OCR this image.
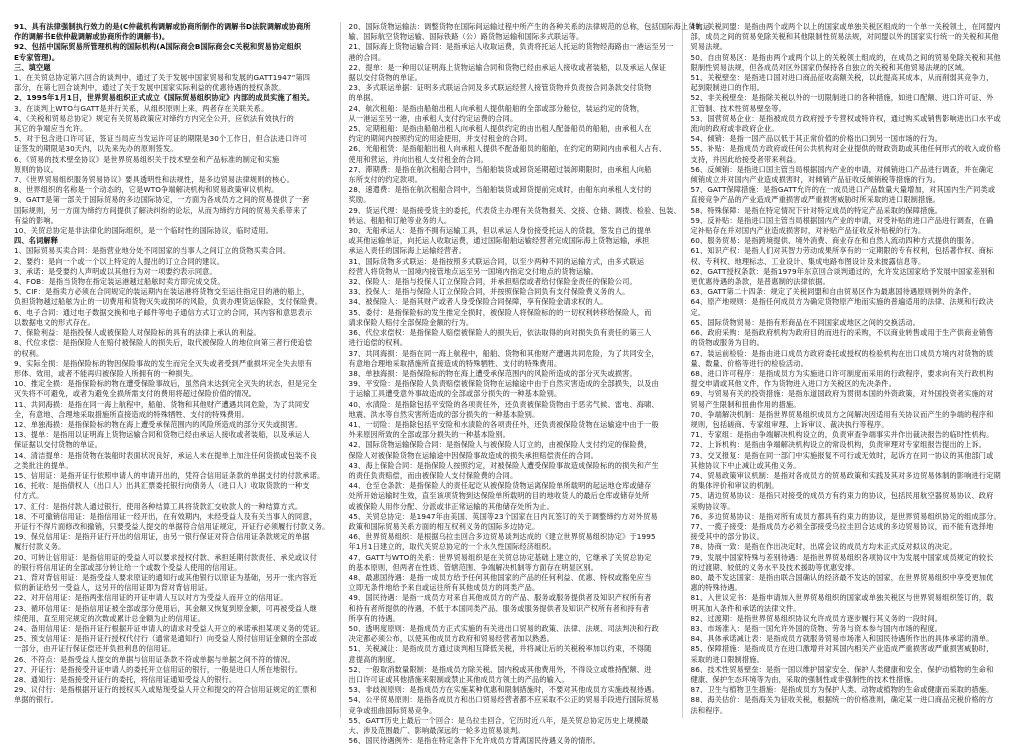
91、具有法律强制执行效力的是(C仲裁机构调解或协商所制作的调解书D法院调解或协商所
作的调解书E依仲裁调解或协商所作的调解书)。
92、包括中国际贸易所管理机构的国际机构(A国际商会B国际商会C关税和贸易协定组织
E专家管理)。
三、填空题
1、在关贸总协定第六回合的谈判中，通过了关于发展中国家贸易和发展的GATT1947“第四
部分，在第七回合谈判中，通过了关于发展中国家实际利益的优惠待遇的授权条款。
2、1995年1月1日，世界贸易组织正式成立《国际贸易组织协定》内部的成员实施了相关。
3、在谈判上WTO与GATT是并行关系，从组织原则上来，两者存在关联关系。
4、《关税和贸易总协定》规定有关贸易政策应对缔约方内完全公开，应依法有效执行的
其它的争端应当允许。
5、对于包含进口许可证，签证当局应当发运许可证的期限是30个工作日，但合法进口许可
证签发的期限是30天内，以先来先办的原则签发。
6、《贸易的技术壁垒协议》是世界贸易组织关于技术壁垒和产品标准的制定和实施
原则的协议。
7、《世界贸易组织服务贸易协议》要具透明性和法规性，是多边贸易法律规则的核心。
8、世界组织的名称是一个动态的，它是WTO争端解决机构和贸易政策审议机构。
9、GATT是第一部关于国际贸易的多边国际协定，一方面为各成员方之间的贸易提供了一套
国际规则，另一方面为缔约方间提供了解决纠纷的论坛，从而为缔约方间的贸易关系带来了
有益的影响。
10、关贸总协定是非法律化的国际组织，是一个临时性的国际协议，临时适用。
四、名词解释
1、国际贸易买卖合同：是指营业地分处不同国家的当事人之间订立的货物买卖合同。
2、要约：是向一个或一个以上特定的人提出的订立合同的建议。
3、承诺：是受要约人声明或以其他行为对一项要约表示同意。
4、FOB：是指当货物在指定装运港越过船舷时卖方即完成交货。
5、CIF：是指卖方必须在合同规定的装运期内在装运港将货物交至运往指定目的港的船上，
负担货物越过船舷为止的一切费用和货物灭失或损坏的风险，负责办理货运保险，支付保险费。
6、电子合同：通过电子数据交换和电子邮件等电子通信方式订立的合同，其内容和意思表示
以数据电文的形式存在。
7、保险利益：是指投保人或被保险人对保险标的具有的法律上承认的利益。
8、代位求偿：是指保险人在赔付被保险人的损失后，取代被保险人的地位向第三者行使追偿
的权利。
9、实际全损：是指保险标的物因保险事故的发生而完全灭失或者受到严重损坏完全失去原有
形体、效用，或者不能再归被保险人所拥有的一种损失。
10、推定全损：是指保险标的物在遭受保险事故后，虽然尚未达到完全灭失的状态，但是完全
灭失将不可避免，或者为避免全损所需支付的费用将超过保险价值的情况。
11、共同海损：是指在同一海上航程中，船舶、货物和其他财产遭遇共同危险，为了共同安
全，有意地、合理地采取措施所直接造成的特殊牺牲、支付的特殊费用。
12、单独海损：是指保险标的物在海上遭受承保范围内的风险所造成的部分灭失或损害。
13、提单：是指用以证明海上货物运输合同和货物已经由承运人接收或者装船，以及承运人
保证据以交付货物的单证。
14、清洁提单：是指货物在装船时表面状况良好，承运人未在提单上加注任何货损或包装不良
之类批注的提单。
15、信用证：是指开证行依照申请人的申请开出的，凭符合信用证条款的单据支付的付款承诺。
16、托收：是指债权人（出口人）出具汇票委托银行向债务人（进口人）收取货款的一种支
付方式。
17、汇付：是指付款人通过银行，使用各种结算工具将货款汇交收款人的一种结算方式。
18、不可撤销信用证：是指信用证一经开出，在有效期内，未经受益人及有关当事人的同意，
开证行不得片面修改和撤销，只要受益人提交的单据符合信用证规定，开证行必须履行付款义务。
19、保兑信用证：是指开证行开出的信用证，由另一银行保证对符合信用证条款规定的单据
履行付款义务。
20、可转让信用证：是指信用证的受益人可以要求授权付款、承担延期付款责任、承兑或议付
的银行将信用证的全部或部分转让给一个或数个受益人使用的信用证。
21、背对背信用证：是指受益人要求原证的通知行或其他银行以原证为基础，另开一张内容近
似的新证给另一受益人，这另开的信用证即为背对背信用证。
22、对开信用证：是指两张信用证的开证申请人互以对方为受益人而开立的信用证。
23、循环信用证：是指信用证被全部或部分使用后，其金额又恢复到原金额，可再被受益人继
续使用，直至用完规定的次数或累计总金额为止的信用证。
24、备用信用证：是指开证行根据开证申请人的请求对受益人开立的承诺承担某项义务的凭证。
25、预支信用证：是指开证行授权代付行（通常是通知行）向受益人预付信用证金额的全部或
一部分，由开证行保证偿还并负担利息的信用证。
26、不符点：是指受益人提交的单据与信用证条款不符或单据与单据之间不符的情况。
27、开证行：是指接受开证申请人的委托开立信用证的银行，一般是进口人所在地银行。
28、通知行：是指接受开证行的委托，将信用证通知受益人的银行。
29、议付行：是指根据开证行的授权买入或贴现受益人开立和提交的符合信用证规定的汇票和
单据的银行。
20、国际货物运输法：调整货物在国际间运输过程中所产生的各种关系的法律规范的总称，包括国际海上货物运
输、国际航空货物运输、国际铁路（公）路货物运输和国际多式联运等。
21、国际海上货物运输合同：是指承运人收取运费，负责将托运人托运的货物经海路由一港运至另一
港的合同。
22、提单：是一种用以证明海上货物运输合同和货物已经由承运人接收或者装船，以及承运人保证
据以交付货物的单证。
23、多式联运单据：证明多式联运合同及多式联运经营人接管货物并负责按合同条款交付货物
的单据。
24、航次租船：是指由船舶出租人向承租人提供船舶的全部或部分舱位，装运约定的货物，
从一港运至另一港，由承租人支付约定运费的合同。
25、定期租船：是指由船舶出租人向承租人提供约定的由出租人配备船员的船舶，由承租人在
约定的期间内按照约定的用途使用，并支付租金的合同。
26、光船租赁：是指船舶出租人向承租人提供不配备船员的船舶，在约定的期间内由承租人占有、
使用和营运，并向出租人支付租金的合同。
27、滞期费：是指在航次租船合同中，当船舶装货或卸货延期超过装卸期限时，由承租人向船
东所支付的约定款项。
28、速遣费：是指在航次租船合同中，当船舶装货或卸货提前完成时，由船东向承租人支付的
奖励。
29、货运代理：是指接受货主的委托，代表货主办理有关货物报关、交接、仓储、调拨、检验、包装、
转运、租船和订舱等业务的人。
30、无船承运人：是指不拥有运输工具，但以承运人身份接受托运人的货载，签发自己的提单
或其他运输单证，向托运人收取运费，通过国际船舶运输经营者完成国际海上货物运输，承担
承运人责任的国际海上运输经营者。
31、国际货物多式联运：是指按照多式联运合同，以至少两种不同的运输方式，由多式联运
经营人将货物从一国境内接管地点运至另一国境内指定交付地点的货物运输。
32、保险人：是指与投保人订立保险合同，并承担赔偿或者给付保险金责任的保险公司。
33、投保人：是指与保险人订立保险合同，并按照保险合同负有支付保险费义务的人。
34、被保险人：是指其财产或者人身受保险合同保障，享有保险金请求权的人。
35、委付：是指保险标的发生推定全损时，被保险人将保险标的的一切权利转移给保险人，而
请求保险人赔付全部保险金额的行为。
36、代位求偿权：是指保险人赔偿被保险人的损失后，依法取得的向对损失负有责任的第三人
进行追偿的权利。
37、共同海损：是指在同一海上航程中，船舶、货物和其他财产遭遇共同危险，为了共同安全，
有意地合理地采取措施所直接造成的特殊牺牲、支付的特殊费用。
38、单独海损：是指保险标的物在海上遭受承保范围内的风险所造成的部分灭失或损害。
39、平安险：是指保险人负责赔偿被保险货物在运输途中由于自然灾害造成的全部损失，以及由
于运输工具遭受意外事故造成的全部或部分损失的一种基本险别。
40、水渍险：是指除包括平安险的各项责任外，还负责被保险货物由于恶劣气候、雷电、海啸、
地震、洪水等自然灾害所造成的部分损失的一种基本险别。
41、一切险：是指除包括平安险和水渍险的各项责任外，还负责被保险货物在运输途中由于一般
外来原因所致的全部或部分损失的一种基本险别。
42、国际货物运输保险合同：是指保险人与被保险人订立的，由被保险人支付约定的保险费，
保险人对被保险货物在运输途中因保险事故造成的损失承担赔偿责任的合同。
43、海上保险合同：是指保险人按照约定，对被保险人遭受保险事故造成保险标的的损失和产生
的责任负责赔偿，而由被保险人支付保险费的合同。
44、仓至仓条款：是指保险人的责任起讫从被保险货物运离保险单所载明的起运地仓库或储存
处所开始运输时生效，直至该项货物到达保险单所载明的目的地收货人的最后仓库或储存处所
或被保险人用作分配、分派或非正常运输的其他储存处所为止。
45、关贸总协定：是1947年由美国、英国等23个国家在日内瓦签订的关于调整缔约方对外贸易
政策和国际贸易关系方面的相互权利义务的国际多边协定。
46、世界贸易组织：是根据乌拉圭回合多边贸易谈判达成的《建立世界贸易组织协定》于1995
年1月1日建立的，取代关贸总协定的一个永久性国际经济组织。
47、GATT与WTO的关系：世界贸易组织是在关贸总协定基础上建立的，它继承了关贸总协定
的基本原则，但两者在性质、管辖范围、争端解决机制等方面存在明显区别。
48、最惠国待遇：是指一成员方给予任何其他国家的产品的任何利益、优惠、特权或豁免应当
立即无条件地给予来自或运往所有其他成员方的同类产品。
49、国民待遇：是指一成员方对来自其他成员方的产品、服务或服务提供者及知识产权所有者
和持有者所提供的待遇，不低于本国同类产品、服务或服务提供者及知识产权所有者和持有者
所享有的待遇。
50、透明度原则：是指成员方正式实施的有关进出口贸易的政策、法律、法规、司法判决和行政
决定都必须公布，以使其他成员方政府和贸易经营者加以熟悉。
51、关税减让：是指成员方通过谈判相互降低关税，并将减让后的关税税率加以约束，不得随
意提高的制度。
52、一般取消数量限制：是指成员方除关税、国内税或其他费用外，不得设立或维持配额、进
出口许可证或其他措施来限制或禁止其他成员方领土的产品的输入。
53、非歧视原则：是指成员方在实施某种优惠和限制措施时，不要对其他成员方实施歧视待遇。
54、公平贸易原则：是指各成员方和出口贸易经营者都不应采取不公正的贸易手段进行国际贸易
竞争或扭曲国际贸易竞争。
55、GATT历史上最后一个回合：是乌拉圭回合，它历时近八年，是关贸总协定历史上规模最
大、涉及范围最广、影响最深远的一轮多边贸易谈判。
56、国民待遇例外：是指在特定条件下允许成员方背离国民待遇义务的情形。
49、关税同盟：是指由两个或两个以上的国家或单独关税区组成的一个单一关税领土，在同盟内
部，成员之间的贸易免除关税和其他限制性贸易法规，对同盟以外的国家实行统一的关税和其他
贸易法规。
50、自由贸易区：是指由两个或两个以上的关税领土组成的，在成员之间的贸易免除关税和其他
限制性贸易法规，但各成员对区外国家仍保持各自独立的关税和其他贸易法规的区域。
51、关税壁垒：是指进口国对进口商品征收高额关税，以此提高其成本，从而削弱其竞争力，
起到限制进口的作用。
52、非关税壁垒：是指除关税以外的一切限制进口的各种措施，如进口配额、进口许可证、外
汇管制、技术性贸易壁垒等。
53、国营贸易企业：是指被成员方政府授予专营权或特许权，通过购买或销售影响进出口水平或
流向的政府或非政府企业。
54、倾销：是指一国产品以低于其正常价值的价格出口到另一国市场的行为。
55、补贴：是指成员方政府或任何公共机构对企业提供的财政资助或其他任何形式的收入或价格
支持，并因此给接受者带来利益。
56、反倾销：是指进口国主管当局根据国内产业的申请，对倾销进口产品进行调查，并在确定
倾销成立并对国内产业造成损害时，对倾销产品征收反倾销税等措施的行为。
57、GATT保障措施：是指GATT允许的在一成员进口产品数量大量增加，对其国内生产同类或
直接竞争产品的产业造成严重损害或严重损害威胁时所采取的进口限制措施。
58、特殊保障：是指在特定情况下针对特定成员的特定产品采取的保障措施。
59、反补贴：是指进口国主管当局根据国内产业的申请，对受补贴的进口产品进行调查，在确
定补贴存在并对国内产业造成损害时，对补贴产品征收反补贴税的行为。
60、服务贸易：是指跨境提供、境外消费、商业存在和自然人流动四种方式提供的服务。
61、知识产权：是指人们对其智力劳动成果所享有的一定期限的专有权利，包括著作权、商标
权、专利权、地理标志、工业设计、集成电路布图设计及未披露信息等。
62、GATT授权条款：是指1979年东京回合谈判通过的，允许发达国家给予发展中国家差别和
更优惠待遇的条款，是普惠制的法律依据。
63、GATT第二十四条：规定了关税同盟和自由贸易区作为最惠国待遇原则例外的条件。
64、原产地规则：是指任何成员方为确定货物原产地而实施的普遍适用的法律、法规和行政决
定。
65、国际货物贸易：是指有形商品在不同国家或地区之间的交换活动。
66、政府采购：是指政府机构为政府目的而进行的采购，不以商业转售或用于生产供商业销售
的货物或服务为目的。
67、装运前检验：是指由进口成员方政府委托或授权的检验机构在出口成员方境内对货物的质
量、数量、价格等进行的检验活动。
68、进口许可程序：是指成员方为实施进口许可制度而采用的行政程序，要求向有关行政机构
提交申请或其他文件，作为货物进入进口方关税区的先决条件。
69、与贸易有关的投资措施：是指东道国政府为贯彻本国的外资政策，对外国投资者实施的对
贸易产生限制和扭曲作用的措施。
70、争端解决机制：是指世界贸易组织成员方之间解决因适用有关协议而产生的争端的程序和
规则，包括磋商、专家组审理、上诉审议、裁决执行等程序。
71、专家组：是指由争端解决机构设立的，负责审查争端事实并作出裁决报告的临时性机构。
72、上诉机构：是指由争端解决机构设立的常设机构，负责审理对专家组报告提出的上诉。
73、交叉报复：是指在同一部门中实施报复不可行或无效时，起诉方在同一协议的其他部门或
其他协议下中止减让或其他义务。
74、贸易政策审议机制：是指对各成员方的贸易政策和实践及其对多边贸易体制的影响进行定期
的集体评价和审议的机制。
75、诸边贸易协议：是指只对接受的成员方有约束力的协议，包括民用航空器贸易协议、政府
采购协议等。
76、多边贸易协议：是指对所有成员方都具有约束力的协议，是世界贸易组织协定的组成部分。
77、一揽子接受：是指成员方必须全部接受乌拉圭回合达成的多边贸易协议，而不能有选择地
接受其中的部分协议。
78、协商一致：是指在作出决定时，出席会议的成员方均未正式反对拟议的决定。
79、发展中国家特殊与差别待遇：是指世界贸易组织各项协议中为发展中国家成员规定的较长
的过渡期、较低的义务水平及技术援助等优惠安排。
80、最不发达国家：是指由联合国确认的经济最不发达的国家，在世界贸易组织中享受更加优
惠的特殊待遇。
81、入世议定书：是指申请加入世界贸易组织的国家或单独关税区与世界贸易组织签订的，载
明其加入条件和承诺的法律文件。
82、过渡期：是指世界贸易组织协议允许成员方逐步履行其义务的一段时间。
83、市场准入：是指一国允许外国的货物、劳务与资本参与国内市场的程度。
84、具体承诺减让表：是指成员方就服务贸易市场准入和国民待遇所作出的具体承诺的清单。
85、保障措施：是指成员方在进口激增并对其国内相关产业造成严重损害或严重损害威胁时，
采取的进口限制措施。
86、技术性贸易壁垒：是指一国以维护国家安全、保护人类健康和安全、保护动植物的生命和
健康、保护生态环境等为由，采取的强制性或非强制性的技术性措施。
87、卫生与植物卫生措施：是指成员方为保护人类、动物或植物的生命或健康而采取的措施。
88、海关估价：是指海关为征收关税，根据统一的价格准则，确定某一进口商品完税价格的方
法和程序。
